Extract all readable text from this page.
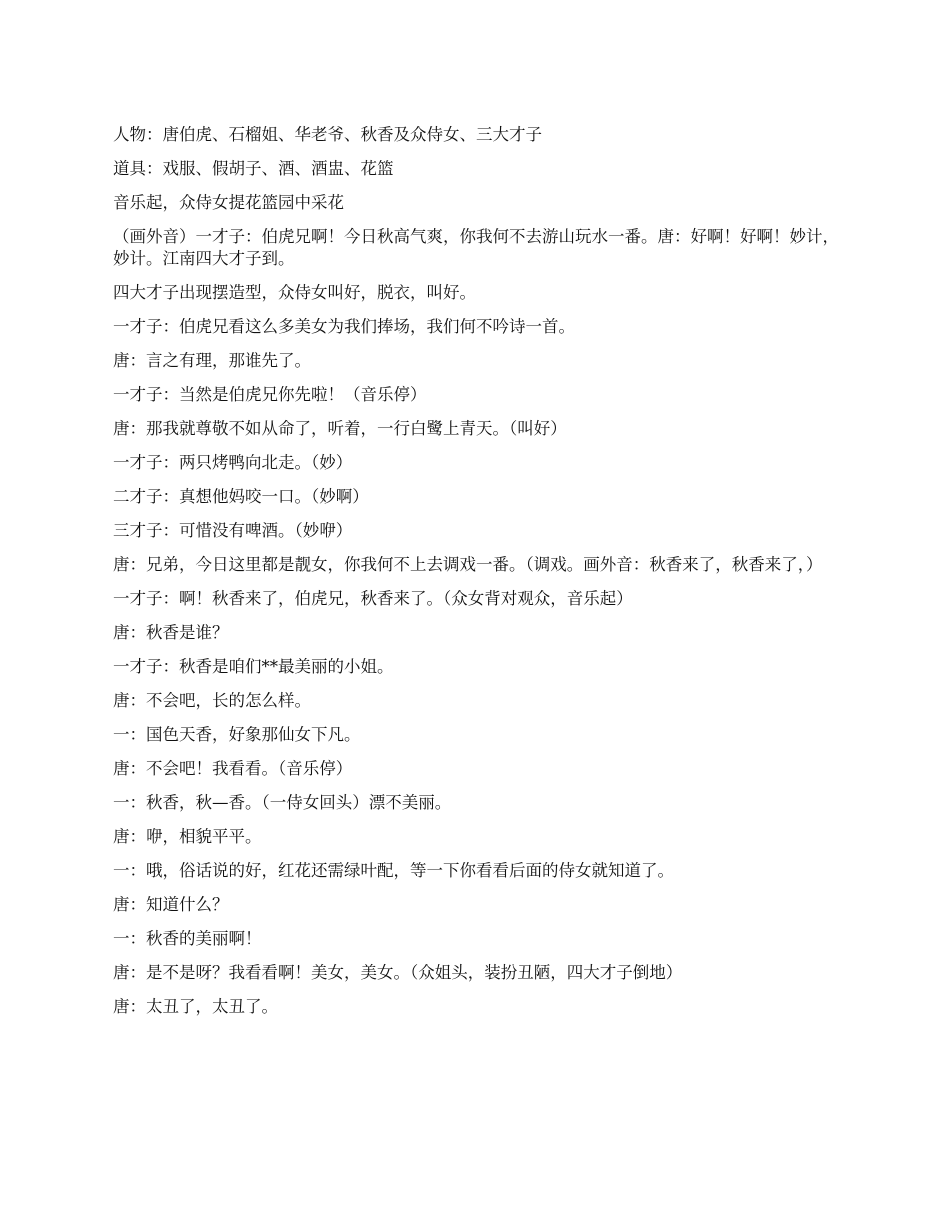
人物：唐伯虎、石榴姐、华老爷、秋香及众侍女、三大才子

道具：戏服、假胡子、酒、酒盅、花篮

音乐起，众侍女提花篮园中采花

（画外音）一才子：伯虎兄啊！今日秋高气爽，你我何不去游山玩水一番。唐：好啊！好啊！妙计，妙计。江南四大才子到。

四大才子出现摆造型，众侍女叫好，脱衣，叫好。

一才子：伯虎兄看这么多美女为我们捧场，我们何不吟诗一首。

唐：言之有理，那谁先了。

一才子：当然是伯虎兄你先啦！（音乐停）

唐：那我就尊敬不如从命了，听着，一行白鹭上青天。（叫好）

一才子：两只烤鸭向北走。（妙）

二才子：真想他妈咬一口。（妙啊）

三才子：可惜没有啤酒。（妙咿）

唐：兄弟，今日这里都是靓女，你我何不上去调戏一番。（调戏。画外音：秋香来了，秋香来了，）

一才子：啊！秋香来了，伯虎兄，秋香来了。（众女背对观众，音乐起）

唐：秋香是谁？

一才子：秋香是咱们**最美丽的小姐。

唐：不会吧，长的怎么样。

一：国色天香，好象那仙女下凡。

唐：不会吧！我看看。（音乐停）

一：秋香，秋—香。（一侍女回头）漂不美丽。

唐：咿，相貌平平。

一：哦，俗话说的好，红花还需绿叶配，等一下你看看后面的侍女就知道了。

唐：知道什么？

一：秋香的美丽啊！

唐：是不是呀？我看看啊！美女，美女。（众姐头，装扮丑陋，四大才子倒地）

唐：太丑了，太丑了。
